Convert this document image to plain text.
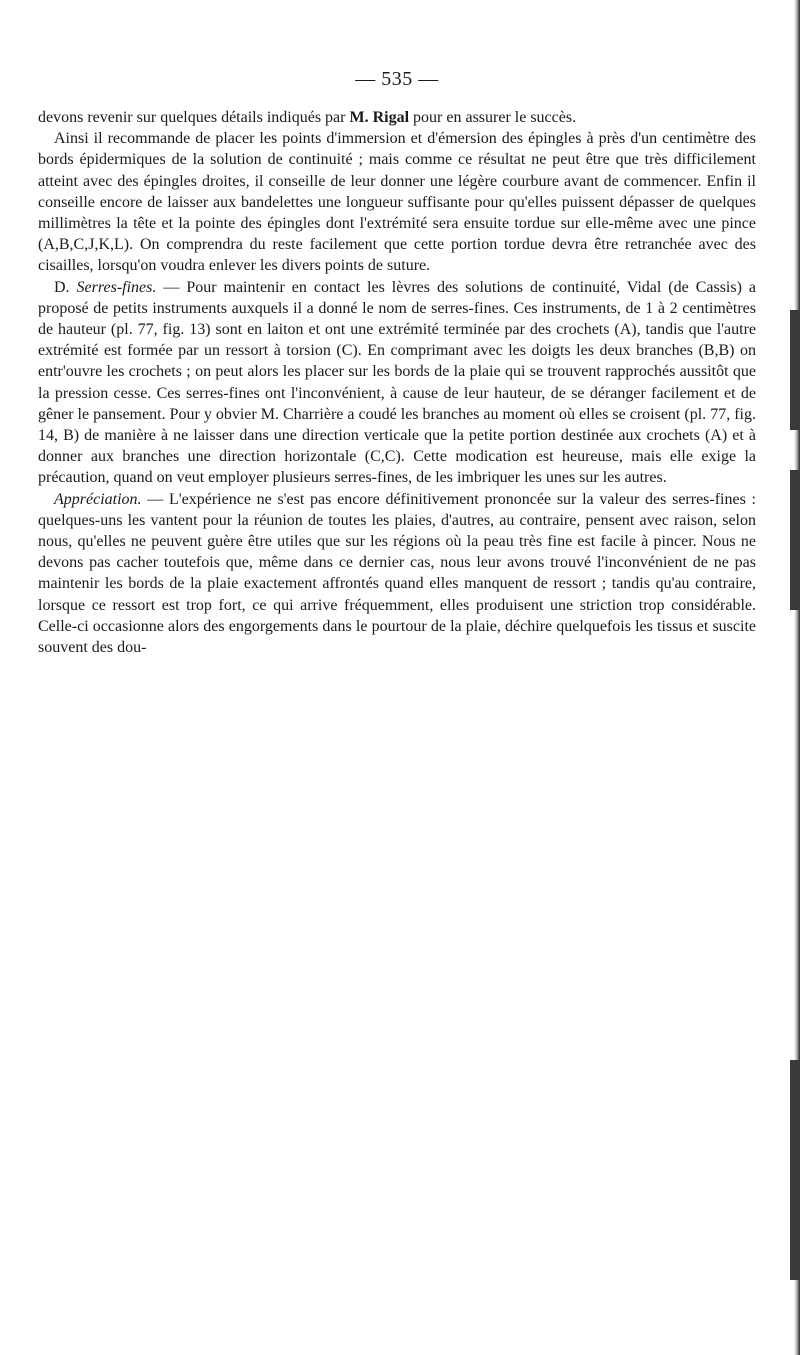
— 535 —

devons revenir sur quelques détails indiqués par M. Rigal pour en assurer le succès.

Ainsi il recommande de placer les points d'immersion et d'émersion des épingles à près d'un centimètre des bords épidermiques de la solution de continuité ; mais comme ce résultat ne peut être que très difficilement atteint avec des épingles droites, il conseille de leur donner une légère courbure avant de commencer. Enfin il conseille encore de laisser aux bandelettes une longueur suffisante pour qu'elles puissent dépasser de quelques millimètres la tête et la pointe des épingles dont l'extrémité sera ensuite tordue sur elle-même avec une pince (A,B,C,J,K,L). On comprendra du reste facilement que cette portion tordue devra être retranchée avec des cisailles, lorsqu'on voudra enlever les divers points de suture.

D. Serres-fines. — Pour maintenir en contact les lèvres des solutions de continuité, Vidal (de Cassis) a proposé de petits instruments auxquels il a donné le nom de serres-fines. Ces instruments, de 1 à 2 centimètres de hauteur (pl. 77, fig. 13) sont en laiton et ont une extrémité terminée par des crochets (A), tandis que l'autre extrémité est formée par un ressort à torsion (C). En comprimant avec les doigts les deux branches (B,B) on entr'ouvre les crochets ; on peut alors les placer sur les bords de la plaie qui se trouvent rapprochés aussitôt que la pression cesse. Ces serres-fines ont l'inconvénient, à cause de leur hauteur, de se déranger facilement et de gêner le pansement. Pour y obvier M. Charrière a coudé les branches au moment où elles se croisent (pl. 77, fig. 14, B) de manière à ne laisser dans une direction verticale que la petite portion destinée aux crochets (A) et à donner aux branches une direction horizontale (C,C). Cette modication est heureuse, mais elle exige la précaution, quand on veut employer plusieurs serres-fines, de les imbriquer les unes sur les autres.

Appréciation. — L'expérience ne s'est pas encore définitivement prononcée sur la valeur des serres-fines : quelques-uns les vantent pour la réunion de toutes les plaies, d'autres, au contraire, pensent avec raison, selon nous, qu'elles ne peuvent guère être utiles que sur les régions où la peau très fine est facile à pincer. Nous ne devons pas cacher toutefois que, même dans ce dernier cas, nous leur avons trouvé l'inconvénient de ne pas maintenir les bords de la plaie exactement affrontés quand elles manquent de ressort ; tandis qu'au contraire, lorsque ce ressort est trop fort, ce qui arrive fréquemment, elles produisent une striction trop considérable. Celle-ci occasionne alors des engorgements dans le pourtour de la plaie, déchire quelquefois les tissus et suscite souvent des dou-
